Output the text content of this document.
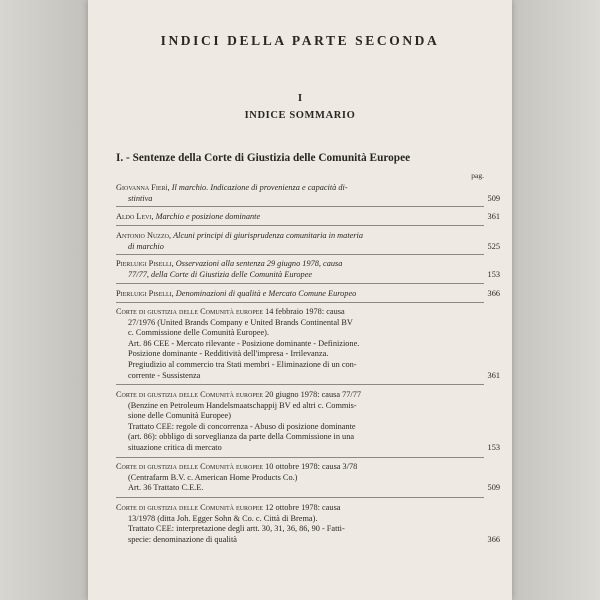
INDICI DELLA PARTE SECONDA
I
INDICE SOMMARIO
I. - Sentenze della Corte di Giustizia delle Comunità Europee
pag.
Giovanna Fierì, Il marchio. Indicazione di provenienza e capacità di-
stintiva	509
Aldo Levi, Marchio e posizione dominante	361
Antonio Nuzzo, Alcuni principi di giurisprudenza comunitaria in materia
di marchio	525
Pierluigi Piselli, Osservazioni alla sentenza 29 giugno 1978, causa
77/77, della Corte di Giustizia delle Comunità Europee	153
Pierluigi Piselli, Denominazioni di qualità e Mercato Comune Europeo	366
Corte di giustizia delle Comunità europee 14 febbraio 1978: causa
27/1976 (United Brands Company e United Brands Continental BV
c. Commissione delle Comunità Europee).
Art. 86 CEE - Mercato rilevante - Posizione dominante - Definizione.
Posizione dominante - Redditività dell'impresa - Irrilevanza.
Pregiudizio al commercio tra Stati membri - Eliminazione di un con-
corrente - Sussistenza	361
Corte di giustizia delle Comunità europee 20 giugno 1978: causa 77/77
(Benzine en Petroleum Handelsmaatschappij BV ed altri c. Commis-
sione delle Comunità Europee)
Trattato CEE: regole di concorrenza - Abuso di posizione dominante
(art. 86): obbligo di sorveglianza da parte della Commissione in una
situazione critica di mercato	153
Corte di giustizia delle Comunità europee 10 ottobre 1978: causa 3/78
(Centrafarm B.V. c. American Home Products Co.)
Art. 36 Trattato C.E.E.	509
Corte di giustizia delle Comunità europee 12 ottobre 1978: causa
13/1978 (ditta Joh. Egger Sohn & Co. c. Città di Brema).
Trattato CEE: interpretazione degli artt. 30, 31, 36, 86, 90 - Fatti-
specie: denominazione di qualità	366
